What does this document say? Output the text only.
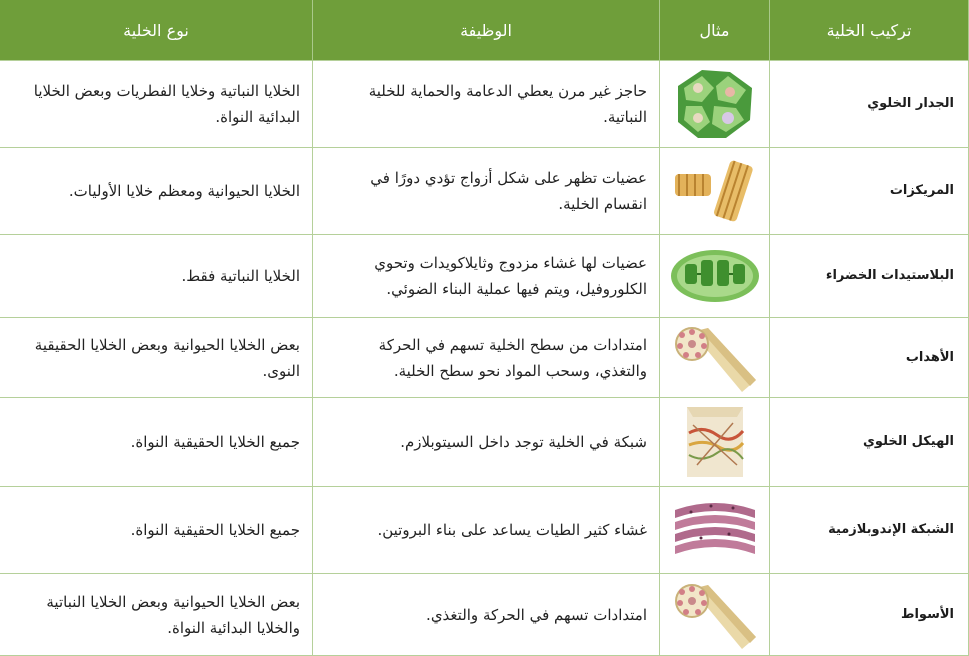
تركيب الخلية	مثال	الوظيفة	نوع الخلية
الجدار الخلوي		حاجز غير مرن يعطي الدعامة والحماية للخلية النباتية.	الخلايا النباتية وخلايا الفطريات وبعض الخلايا البدائية النواة.
المريكزات		عضيات تظهر على شكل أزواج تؤدي دورًا في انقسام الخلية.	الخلايا الحيوانية ومعظم خلايا الأوليات.
البلاستيدات الخضراء		عضيات لها غشاء مزدوج وثايلاكويدات وتحوي الكلوروفيل، ويتم فيها عملية البناء الضوئي.	الخلايا النباتية فقط.
الأهداب		امتدادات من سطح الخلية تسهم في الحركة والتغذي، وسحب المواد نحو سطح الخلية.	بعض الخلايا الحيوانية وبعض الخلايا الحقيقية النوى.
الهيكل الخلوي		شبكة في الخلية توجد داخل السيتوبلازم.	جميع الخلايا الحقيقية النواة.
الشبكة الإندوبلازمية		غشاء كثير الطيات يساعد على بناء البروتين.	جميع الخلايا الحقيقية النواة.
الأسواط		امتدادات تسهم في الحركة والتغذي.	بعض الخلايا الحيوانية وبعض الخلايا النباتية والخلايا البدائية النواة.
